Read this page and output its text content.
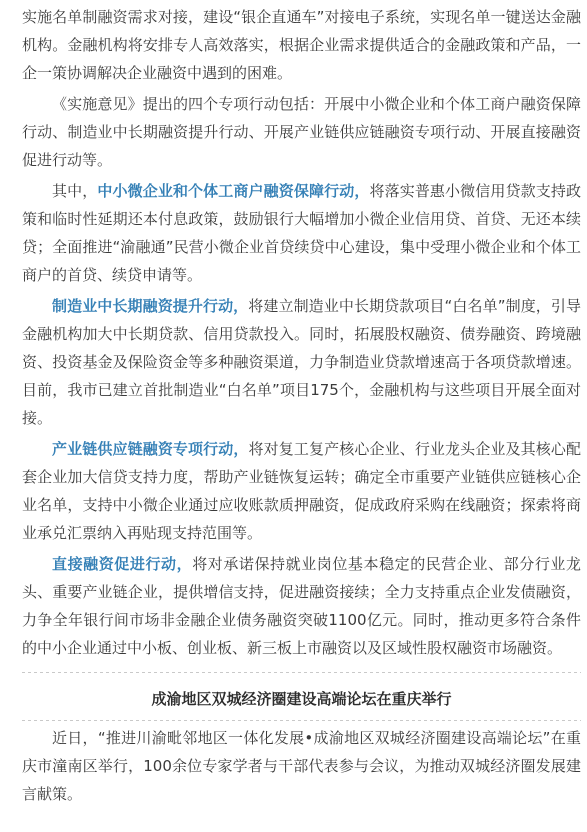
实施名单制融资需求对接，建设“银企直通车”对接电子系统，实现名单一键送达金融机构。金融机构将安排专人高效落实，根据企业需求提供适合的金融政策和产品，一企一策协调解决企业融资中遇到的困难。

《实施意见》提出的四个专项行动包括：开展中小微企业和个体工商户融资保障行动、制造业中长期融资提升行动、开展产业链供应链融资专项行动、开展直接融资促进行动等。

其中，中小微企业和个体工商户融资保障行动，将落实普惠小微信用贷款支持政策和临时性延期还本付息政策，鼓励银行大幅增加小微企业信用贷、首贷、无还本续贷；全面推进“渝融通”民营小微企业首贷续贷中心建设，集中受理小微企业和个体工商户的首贷、续贷申请等。

制造业中长期融资提升行动，将建立制造业中长期贷款项目“白名单”制度，引导金融机构加大中长期贷款、信用贷款投入。同时，拓展股权融资、债券融资、跨境融资、投资基金及保险资金等多种融资渠道，力争制造业贷款增速高于各项贷款增速。目前，我市已建立首批制造业“白名单”项目175个，金融机构与这些项目开展全面对接。

产业链供应链融资专项行动，将对复工复产核心企业、行业龙头企业及其核心配套企业加大信贷支持力度，帮助产业链恢复运转；确定全市重要产业链供应链核心企业名单，支持中小微企业通过应收账款质押融资，促成政府采购在线融资；探索将商业承兑汇票纳入再贴现支持范围等。

直接融资促进行动，将对承诺保持就业岗位基本稳定的民营企业、部分行业龙头、重要产业链企业，提供增信支持，促进融资接续；全力支持重点企业发债融资，力争全年银行间市场非金融企业债务融资突破1100亿元。同时，推动更多符合条件的中小企业通过中小板、创业板、新三板上市融资以及区域性股权融资市场融资。

成渝地区双城经济圈建设高端论坛在重庆举行

近日，“推进川渝毗邻地区一体化发展•成渝地区双城经济圈建设高端论坛”在重庆市潼南区举行，100余位专家学者与干部代表参与会议，为推动双城经济圈发展建言献策。
